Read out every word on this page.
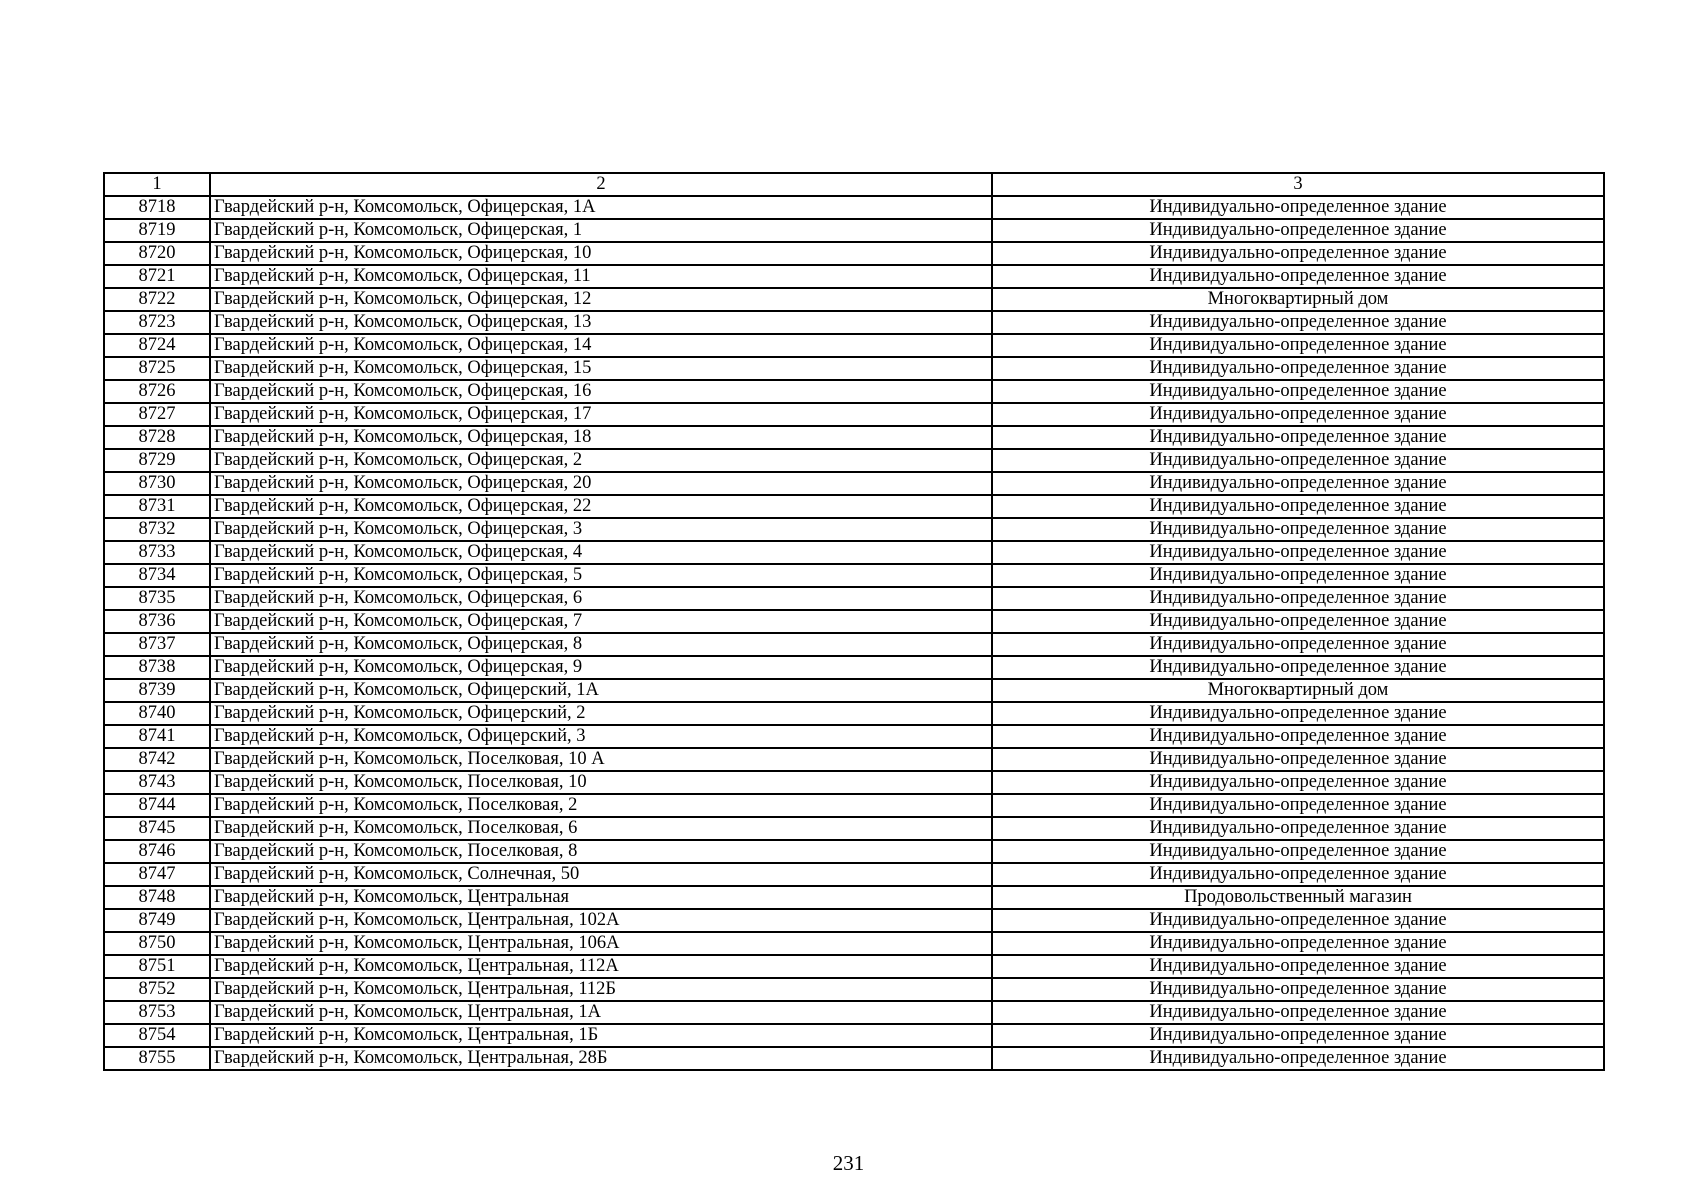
1	2	3
8718	Гвардейский р-н, Комсомольск, Офицерская, 1А	Индивидуально-определенное здание
8719	Гвардейский р-н, Комсомольск, Офицерская, 1	Индивидуально-определенное здание
8720	Гвардейский р-н, Комсомольск, Офицерская, 10	Индивидуально-определенное здание
8721	Гвардейский р-н, Комсомольск, Офицерская, 11	Индивидуально-определенное здание
8722	Гвардейский р-н, Комсомольск, Офицерская, 12	Многоквартирный дом
8723	Гвардейский р-н, Комсомольск, Офицерская, 13	Индивидуально-определенное здание
8724	Гвардейский р-н, Комсомольск, Офицерская, 14	Индивидуально-определенное здание
8725	Гвардейский р-н, Комсомольск, Офицерская, 15	Индивидуально-определенное здание
8726	Гвардейский р-н, Комсомольск, Офицерская, 16	Индивидуально-определенное здание
8727	Гвардейский р-н, Комсомольск, Офицерская, 17	Индивидуально-определенное здание
8728	Гвардейский р-н, Комсомольск, Офицерская, 18	Индивидуально-определенное здание
8729	Гвардейский р-н, Комсомольск, Офицерская, 2	Индивидуально-определенное здание
8730	Гвардейский р-н, Комсомольск, Офицерская, 20	Индивидуально-определенное здание
8731	Гвардейский р-н, Комсомольск, Офицерская, 22	Индивидуально-определенное здание
8732	Гвардейский р-н, Комсомольск, Офицерская, 3	Индивидуально-определенное здание
8733	Гвардейский р-н, Комсомольск, Офицерская, 4	Индивидуально-определенное здание
8734	Гвардейский р-н, Комсомольск, Офицерская, 5	Индивидуально-определенное здание
8735	Гвардейский р-н, Комсомольск, Офицерская, 6	Индивидуально-определенное здание
8736	Гвардейский р-н, Комсомольск, Офицерская, 7	Индивидуально-определенное здание
8737	Гвардейский р-н, Комсомольск, Офицерская, 8	Индивидуально-определенное здание
8738	Гвардейский р-н, Комсомольск, Офицерская, 9	Индивидуально-определенное здание
8739	Гвардейский р-н, Комсомольск, Офицерский, 1А	Многоквартирный дом
8740	Гвардейский р-н, Комсомольск, Офицерский, 2	Индивидуально-определенное здание
8741	Гвардейский р-н, Комсомольск, Офицерский, 3	Индивидуально-определенное здание
8742	Гвардейский р-н, Комсомольск, Поселковая, 10 А	Индивидуально-определенное здание
8743	Гвардейский р-н, Комсомольск, Поселковая, 10	Индивидуально-определенное здание
8744	Гвардейский р-н, Комсомольск, Поселковая, 2	Индивидуально-определенное здание
8745	Гвардейский р-н, Комсомольск, Поселковая, 6	Индивидуально-определенное здание
8746	Гвардейский р-н, Комсомольск, Поселковая, 8	Индивидуально-определенное здание
8747	Гвардейский р-н, Комсомольск, Солнечная, 50	Индивидуально-определенное здание
8748	Гвардейский р-н, Комсомольск, Центральная	Продовольственный магазин
8749	Гвардейский р-н, Комсомольск, Центральная, 102А	Индивидуально-определенное здание
8750	Гвардейский р-н, Комсомольск, Центральная, 106А	Индивидуально-определенное здание
8751	Гвардейский р-н, Комсомольск, Центральная, 112А	Индивидуально-определенное здание
8752	Гвардейский р-н, Комсомольск, Центральная, 112Б	Индивидуально-определенное здание
8753	Гвардейский р-н, Комсомольск, Центральная, 1А	Индивидуально-определенное здание
8754	Гвардейский р-н, Комсомольск, Центральная, 1Б	Индивидуально-определенное здание
8755	Гвардейский р-н, Комсомольск, Центральная, 28Б	Индивидуально-определенное здание
231
